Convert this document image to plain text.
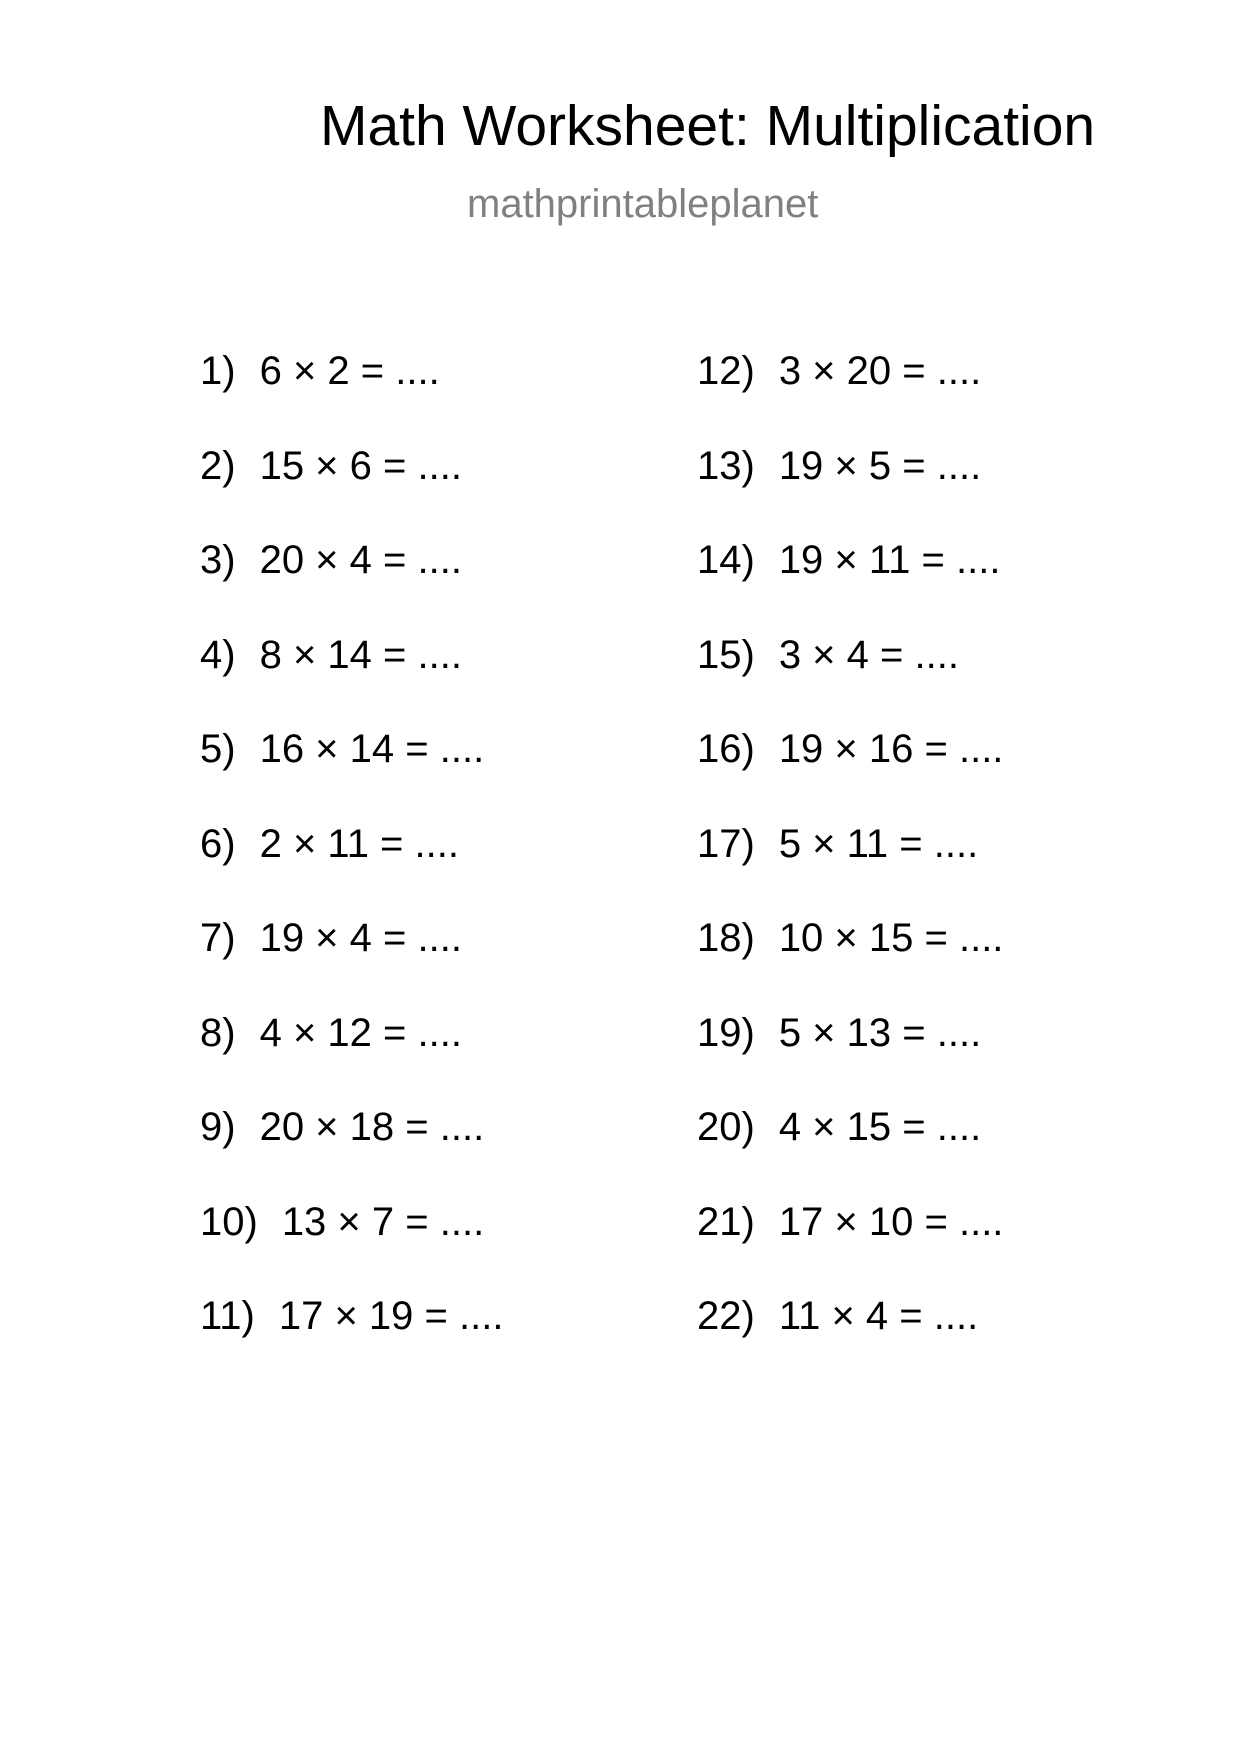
Math Worksheet: Multiplication
mathprintableplanet
1) 6 × 2 = ....
2) 15 × 6 = ....
3) 20 × 4 = ....
4) 8 × 14 = ....
5) 16 × 14 = ....
6) 2 × 11 = ....
7) 19 × 4 = ....
8) 4 × 12 = ....
9) 20 × 18 = ....
10) 13 × 7 = ....
11) 17 × 19 = ....
12) 3 × 20 = ....
13) 19 × 5 = ....
14) 19 × 11 = ....
15) 3 × 4 = ....
16) 19 × 16 = ....
17) 5 × 11 = ....
18) 10 × 15 = ....
19) 5 × 13 = ....
20) 4 × 15 = ....
21) 17 × 10 = ....
22) 11 × 4 = ....
